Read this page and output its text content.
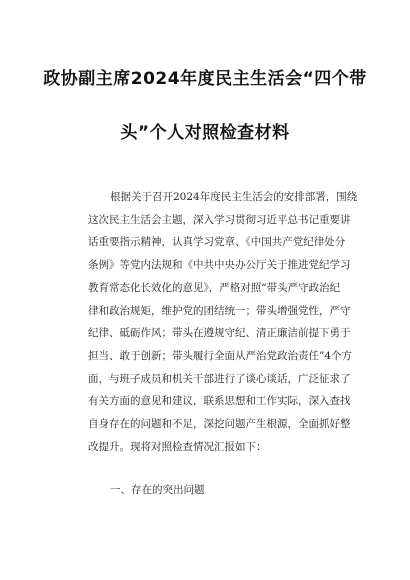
政协副主席2024年度民主生活会“四个带
头”个人对照检查材料
根据关于召开2024年度民主生活会的安排部署，围绕
这次民主生活会主题，深入学习贯彻习近平总书记重要讲
话重要指示精神，认真学习党章、《中国共产党纪律处分
条例》等党内法规和《中共中央办公厅关于推进党纪学习
教育常态化长效化的意见》，严格对照“带头严守政治纪
律和政治规矩，维护党的团结统一；带头增强党性，严守
纪律、砥砺作风；带头在遵规守纪、清正廉洁前提下勇于
担当、敢于创新；带头履行全面从严治党政治责任”4个方
面，与班子成员和机关干部进行了谈心谈话，广泛征求了
有关方面的意见和建议，联系思想和工作实际，深入查找
自身存在的问题和不足，深挖问题产生根源，全面抓好整
改提升。现将对照检查情况汇报如下：
一、存在的突出问题
